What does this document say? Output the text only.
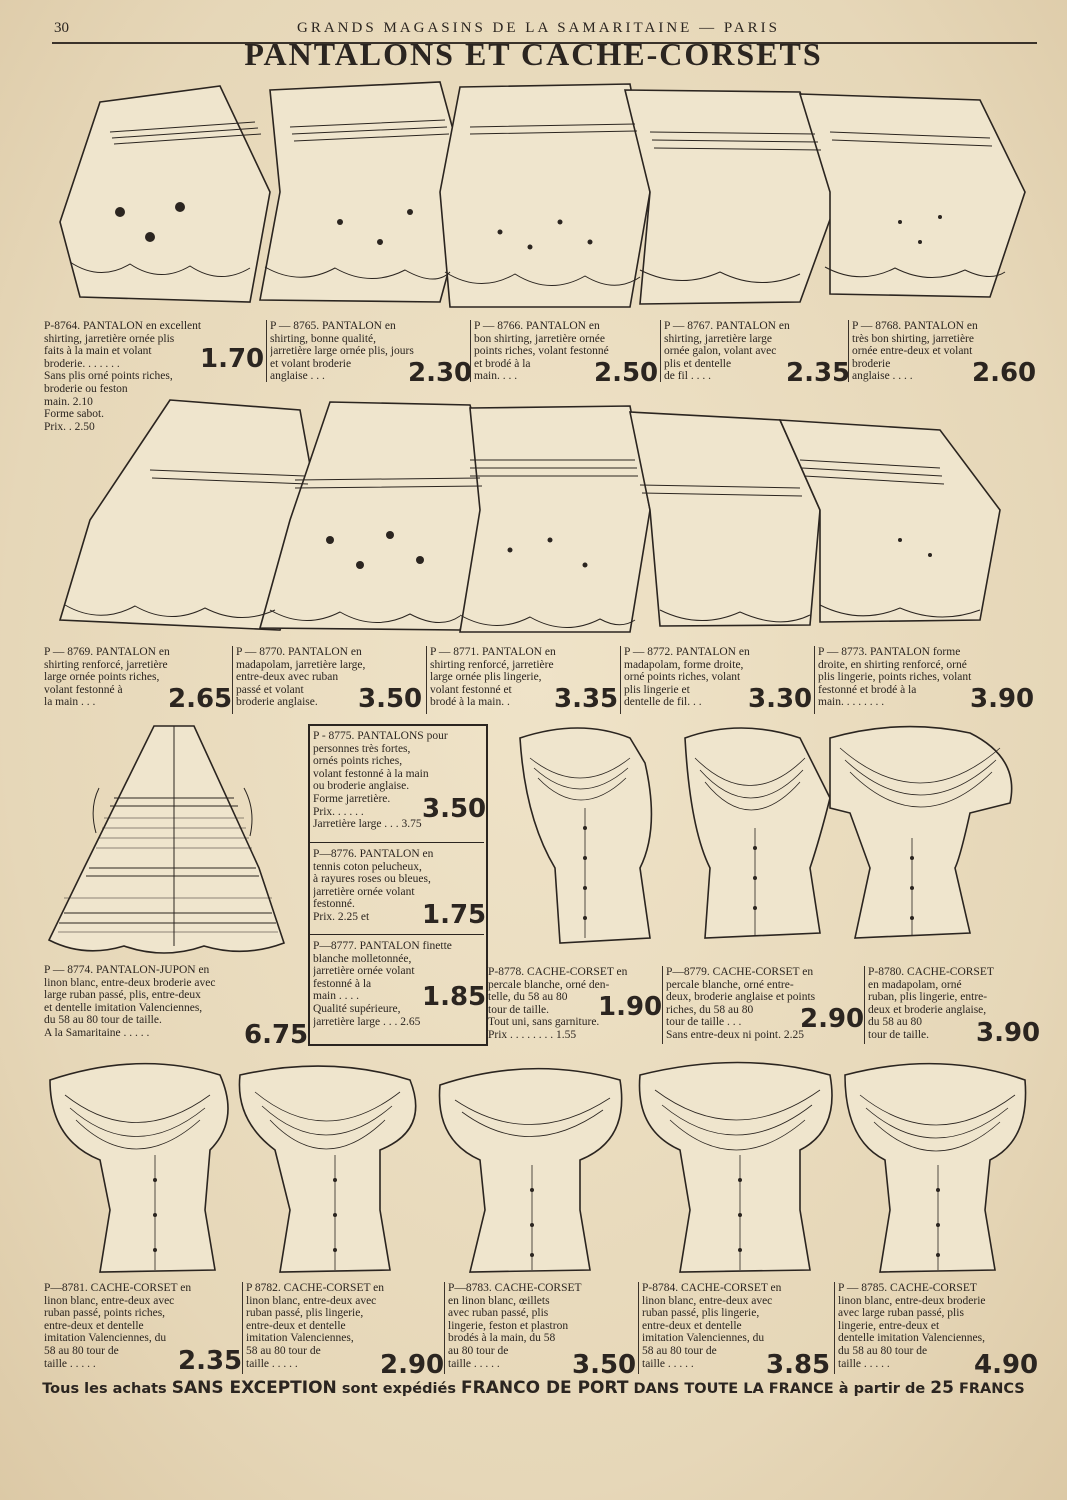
30	GRANDS MAGASINS DE LA SAMARITAINE — PARIS
PANTALONS ET CACHE-CORSETS
P-8764. PANTALON en excellent
shirting, jarretière ornée plis
faits à la main et volant
broderie. . . . . . .
Sans plis orné points riches,
broderie ou feston
main. 2.10
Forme sabot.
Prix. . 2.50
1.70
P — 8765. PANTALON en
shirting, bonne qualité,
jarretière large ornée plis, jours
et volant broderie
anglaise . . .	2.30
P — 8766. PANTALON en
bon shirting, jarretière ornée
points riches, volant festonné
et brodé à la
main. . . .	2.50
P — 8767. PANTALON en
shirting, jarretière large
ornée galon, volant avec
plis et dentelle
de fil . . . .	2.35
P — 8768. PANTALON en
très bon shirting, jarretière
ornée entre-deux et volant
broderie
anglaise . . . .	2.60
P — 8769. PANTALON en
shirting renforcé, jarretière
large ornée points riches,
volant festonné à
la main . . .	2.65
P — 8770. PANTALON en
madapolam, jarretière large,
entre-deux avec ruban
passé et volant
broderie anglaise.	3.50
P — 8771. PANTALON en
shirting renforcé, jarretière
large ornée plis lingerie,
volant festonné et
brodé à la main. .	3.35
P — 8772. PANTALON en
madapolam, forme droite,
orné points riches, volant
plis lingerie et
dentelle de fil. . .	3.30
P — 8773. PANTALON forme
droite, en shirting renforcé, orné
plis lingerie, points riches, volant
festonné et brodé à la
main. . . . . . . .	3.90
P — 8774. PANTALON-JUPON en
linon blanc, entre-deux broderie avec
large ruban passé, plis, entre-deux
et dentelle imitation Valenciennes,
du 58 au 80 tour de taille.
A la Samaritaine . . . . .	6.75
P - 8775. PANTALONS pour
personnes très fortes,
ornés points riches,
volant festonné à la main
ou broderie anglaise.
Forme jarretière.
Prix. . . . . .
Jarretière large . . . 3.75
3.50
P—8776. PANTALON en
tennis coton pelucheux,
à rayures roses ou bleues,
jarretière ornée volant
festonné.
Prix. 2.25 et	1.75
P—8777. PANTALON finette
blanche molletonnée,
jarretière ornée volant
festonné à la
main . . . .
Qualité supérieure,
jarretière large . . . 2.65
1.85
P-8778. CACHE-CORSET en
percale blanche, orné den-
telle, du 58 au 80
tour de taille.
Tout uni, sans garniture.
Prix . . . . . . . . 1.55
1.90
P—8779. CACHE-CORSET en
percale blanche, orné entre-
deux, broderie anglaise et points
riches, du 58 au 80
tour de taille . . .
Sans entre-deux ni point. 2.25
2.90
P-8780. CACHE-CORSET
en madapolam, orné
ruban, plis lingerie, entre-
deux et broderie anglaise,
du 58 au 80
tour de taille.	3.90
P—8781. CACHE-CORSET en
linon blanc, entre-deux avec
ruban passé, points riches,
entre-deux et dentelle
imitation Valenciennes, du
58 au 80 tour de
taille . . . . .	2.35
P 8782. CACHE-CORSET en
linon blanc, entre-deux avec
ruban passé, plis lingerie,
entre-deux et dentelle
imitation Valenciennes,
58 au 80 tour de
taille . . . . .	2.90
P—8783. CACHE-CORSET
en linon blanc, œillets
avec ruban passé, plis
lingerie, feston et plastron
brodés à la main, du 58
au 80 tour de
taille . . . . .	3.50
P-8784. CACHE-CORSET en
linon blanc, entre-deux avec
ruban passé, plis lingerie,
entre-deux et dentelle
imitation Valenciennes, du
58 au 80 tour de
taille . . . . .	3.85
P — 8785. CACHE-CORSET
linon blanc, entre-deux broderie
avec large ruban passé, plis
lingerie, entre-deux et
dentelle imitation Valenciennes,
du 58 au 80 tour de
taille . . . . .	4.90
Tous les achats SANS EXCEPTION sont expédiés FRANCO DE PORT DANS TOUTE LA FRANCE à partir de 25 FRANCS
